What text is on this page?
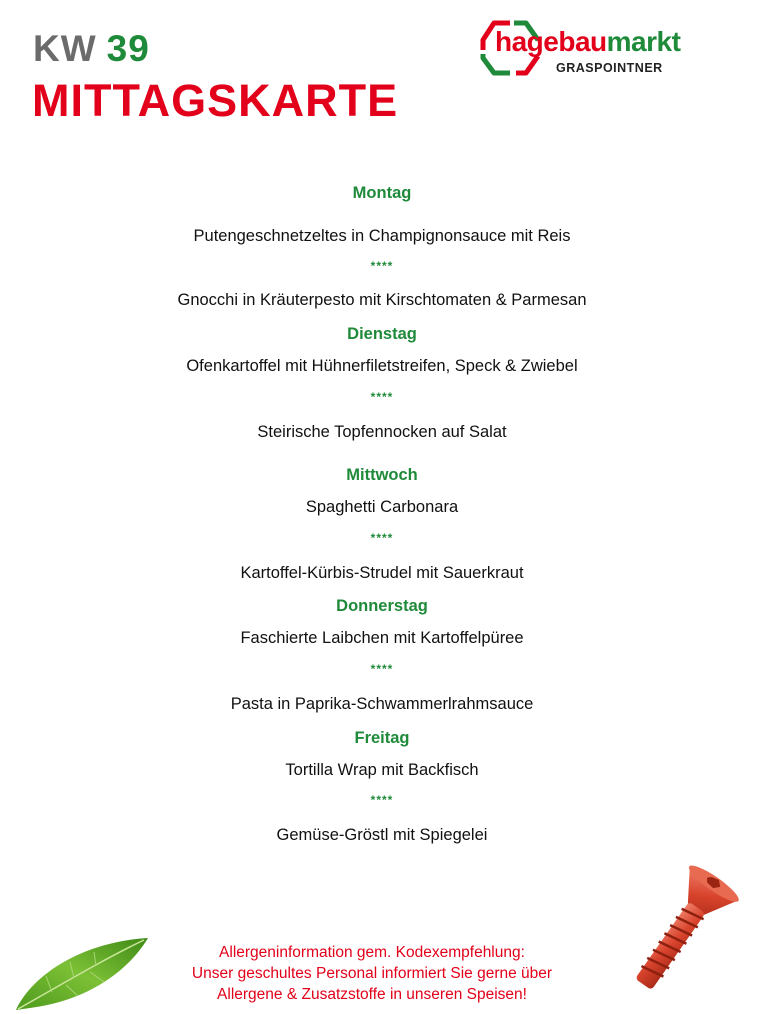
KW 39
MITTAGSKARTE
hagebaumarkt
GRASPOINTNER
Montag
Putengeschnetzeltes in Champignonsauce mit Reis
****
Gnocchi in Kräuterpesto mit Kirschtomaten & Parmesan
Dienstag
Ofenkartoffel mit Hühnerfiletstreifen, Speck & Zwiebel
****
Steirische Topfennocken auf Salat
Mittwoch
Spaghetti Carbonara
****
Kartoffel-Kürbis-Strudel mit Sauerkraut
Donnerstag
Faschierte Laibchen mit Kartoffelpüree
****
Pasta in Paprika-Schwammerlrahmsauce
Freitag
Tortilla Wrap mit Backfisch
****
Gemüse-Gröstl mit Spiegelei
Allergeninformation gem. Kodexempfehlung:
Unser geschultes Personal informiert Sie gerne über
Allergene & Zusatzstoffe in unseren Speisen!
